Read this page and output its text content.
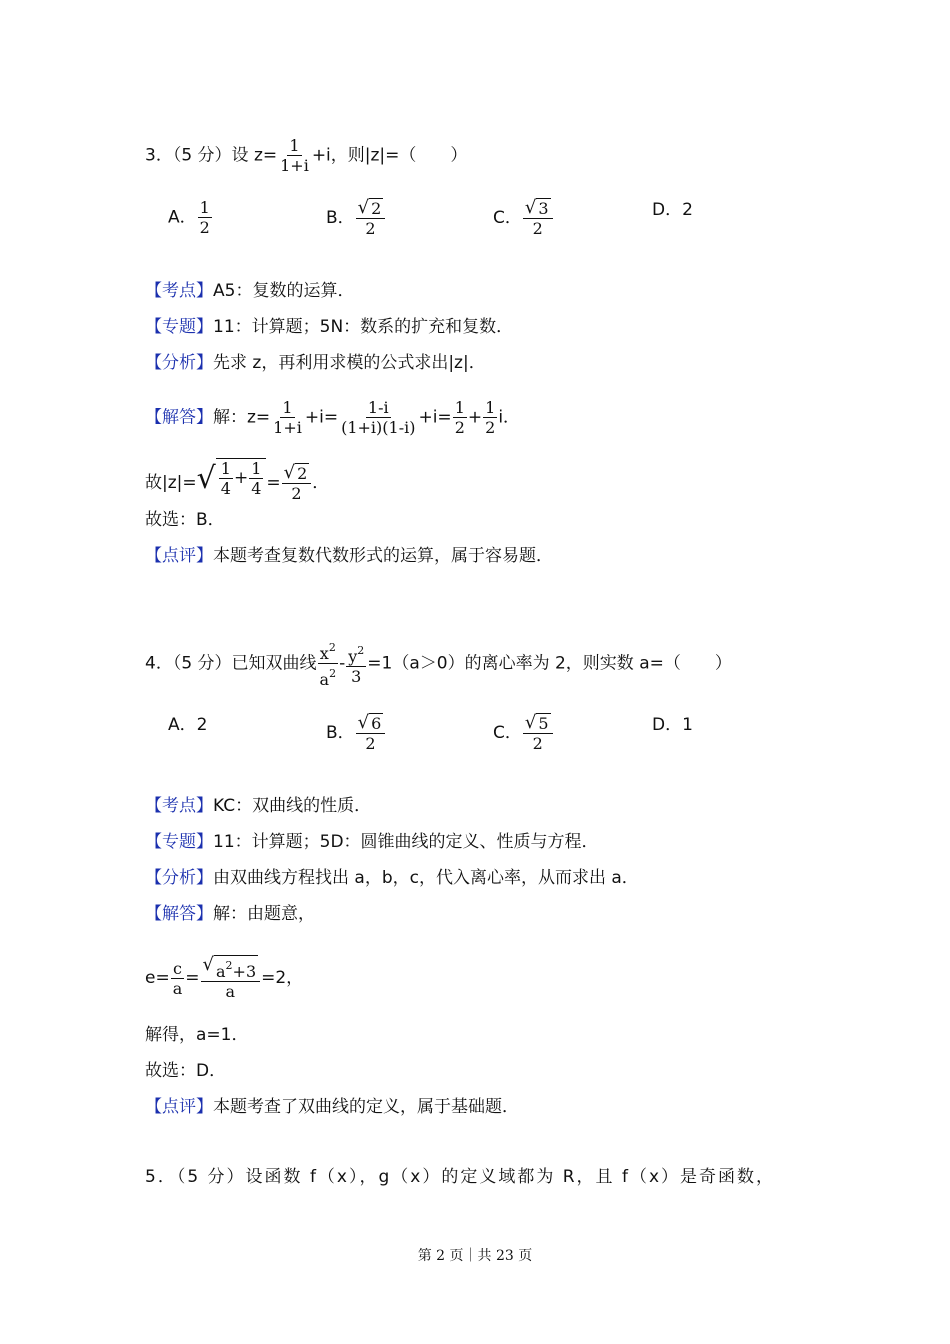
3．（5 分）设 $z= \frac{1}{1+i} +i$，则|z|=（　　）
A． $\frac{1}{2}$	B． $\frac{√ 2}{2}$	C． $\frac{√ 3}{2}$	D．2
【考点】A5：复数的运算．
【专题】11：计算题；5N：数系的扩充和复数．
【分析】先求 z，再利用求模的公式求出|z|．
【解答】解：$z= \frac{1}{1+i} +i= \frac{1-i}{(1+i)(1-i)} +i= \frac{1}{2} + \frac{1}{2}$ i．
故|z|= √ $\frac{1}{4} + \frac{1}{4} = \frac{√ 2}{2}$ ．
故选：B．
【点评】本题考查复数代数形式的运算，属于容易题．
4．（5 分）已知双曲线 $\frac{x^2}{a^2} - \frac{y^2}{3} =1(a>0)$的离心率为 2，则实数 a=（　　）
A．2	B． $\frac{√ 6}{2}$	C． $\frac{√ 5}{2}$	D．1
【考点】KC：双曲线的性质．
【专题】11：计算题；5D：圆锥曲线的定义、性质与方程．
【分析】由双曲线方程找出 a，b，c，代入离心率，从而求出 a．
【解答】解：由题意，
$e= \frac{c}{a} = \frac{√ a^2+3}{a} =2$，
解得，a=1．
故选：D．
【点评】本题考查了双曲线的定义，属于基础题．
5．（5 分）设函数 f（x），g（x）的定义域都为 R，且 f（x）是奇函数，
第 2 页｜共 23 页
